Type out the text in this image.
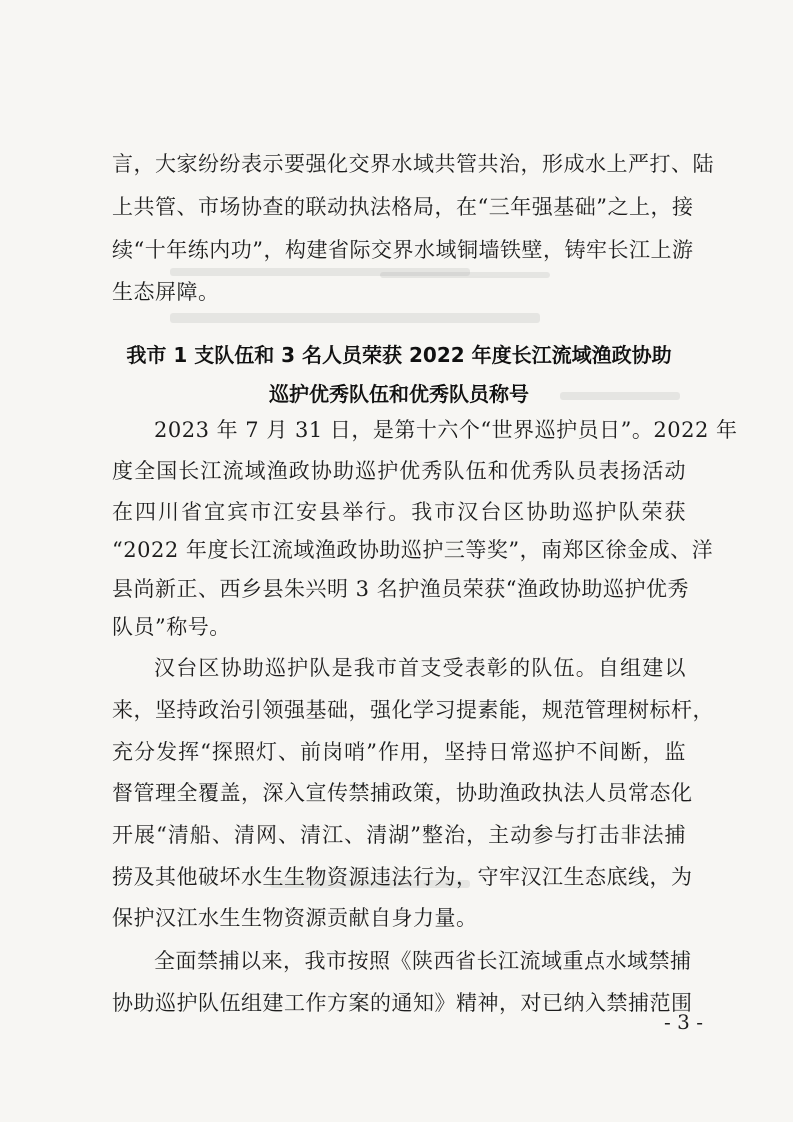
言，大家纷纷表示要强化交界水域共管共治，形成水上严打、陆
上共管、市场协查的联动执法格局，在“三年强基础”之上，接
续“十年练内功”，构建省际交界水域铜墙铁壁，铸牢长江上游
生态屏障。
我市 1 支队伍和 3 名人员荣获 2022 年度长江流域渔政协助
巡护优秀队伍和优秀队员称号
2023 年 7 月 31 日，是第十六个“世界巡护员日”。2022 年
度全国长江流域渔政协助巡护优秀队伍和优秀队员表扬活动
在四川省宜宾市江安县举行。我市汉台区协助巡护队荣获
“2022 年度长江流域渔政协助巡护三等奖”，南郑区徐金成、洋
县尚新正、西乡县朱兴明 3 名护渔员荣获“渔政协助巡护优秀
队员”称号。
汉台区协助巡护队是我市首支受表彰的队伍。自组建以
来，坚持政治引领强基础，强化学习提素能，规范管理树标杆，
充分发挥“探照灯、前岗哨”作用，坚持日常巡护不间断，监
督管理全覆盖，深入宣传禁捕政策，协助渔政执法人员常态化
开展“清船、清网、清江、清湖”整治，主动参与打击非法捕
捞及其他破坏水生生物资源违法行为，守牢汉江生态底线，为
保护汉江水生生物资源贡献自身力量。
全面禁捕以来，我市按照《陕西省长江流域重点水域禁捕
协助巡护队伍组建工作方案的通知》精神，对已纳入禁捕范围
- 3 -
